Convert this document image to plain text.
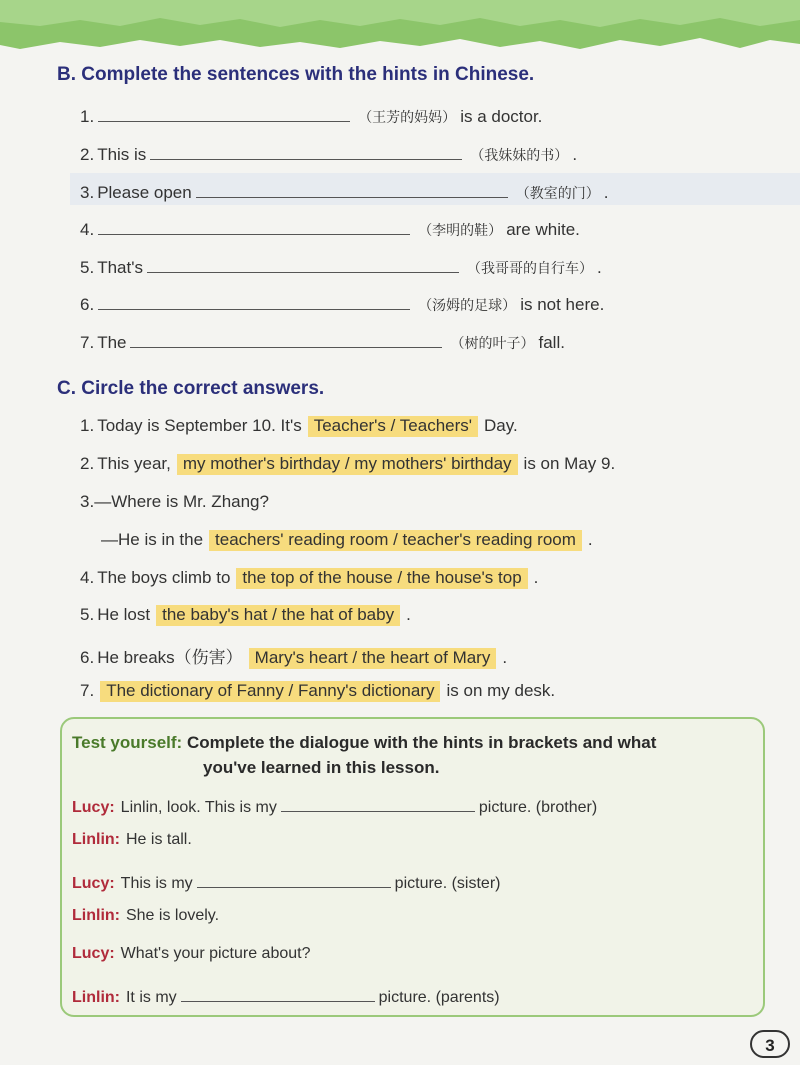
B. Complete the sentences with the hints in Chinese.
1.	（王芳的妈妈） is a doctor.
2. This is	（我妹妹的书） .
3. Please open	（教室的门） .
4.	（李明的鞋） are white.
5. That's	（我哥哥的自行车） .
6.	（汤姆的足球） is not here.
7. The	（树的叶子） fall.
C. Circle the correct answers.
1. Today is September 10. It's Teacher's / Teachers' Day.
2. This year, my mother's birthday / my mothers' birthday is on May 9.
3. —Where is Mr. Zhang?
—He is in the teachers' reading room / teacher's reading room .
4. The boys climb to the top of the house / the house's top .
5. He lost the baby's hat / the hat of baby .
6. He breaks（伤害） Mary's heart / the heart of Mary .
7. The dictionary of Fanny / Fanny's dictionary is on my desk.
Test yourself: Complete the dialogue with the hints in brackets and what
you've learned in this lesson.
Lucy: Linlin, look. This is my	picture. (brother)
Linlin: He is tall.
Lucy: This is my	picture. (sister)
Linlin: She is lovely.
Lucy: What's your picture about?
Linlin: It is my	picture. (parents)
3
